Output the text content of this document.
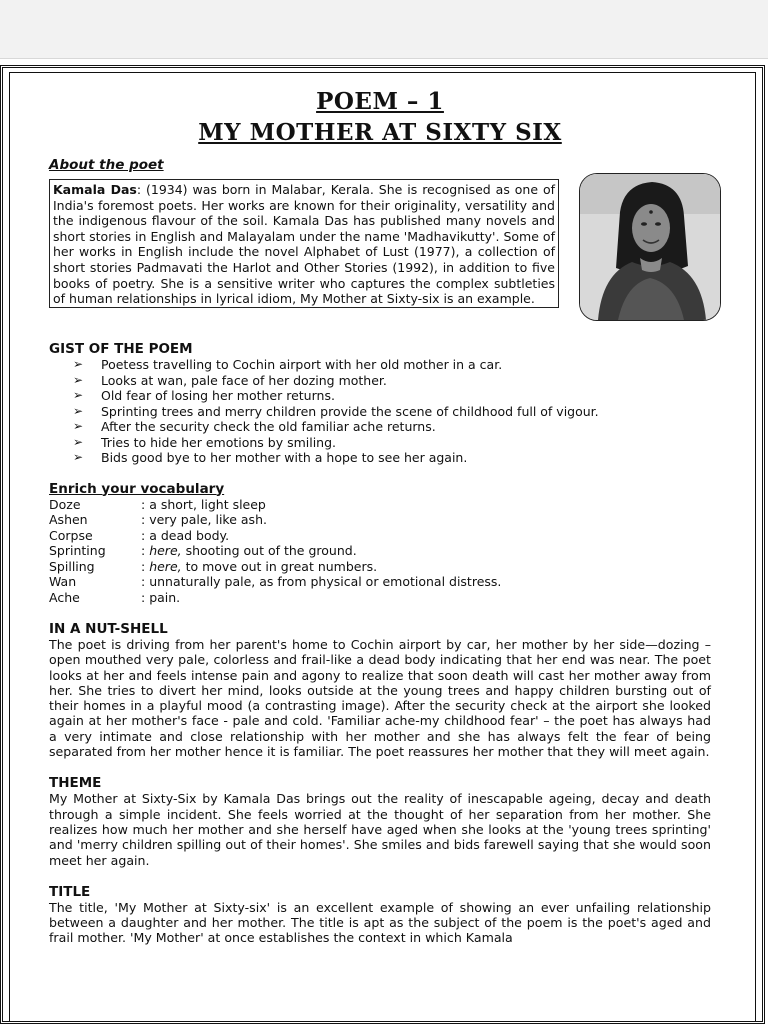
POEM – 1
MY MOTHER AT SIXTY SIX
About the poet
Kamala Das: (1934) was born in Malabar, Kerala. She is recognised as one of India's foremost poets. Her works are known for their originality, versatility and the indigenous flavour of the soil. Kamala Das has published many novels and short stories in English and Malayalam under the name 'Madhavikutty'. Some of her works in English include the novel Alphabet of Lust (1977), a collection of short stories Padmavati the Harlot and Other Stories (1992), in addition to five books of poetry. She is a sensitive writer who captures the complex subtleties of human relationships in lyrical idiom, My Mother at Sixty-six is an example.
GIST OF THE POEM
➢ Poetess travelling to Cochin airport with her old mother in a car.
➢ Looks at wan, pale face of her dozing mother.
➢ Old fear of losing her mother returns.
➢ Sprinting trees and merry children provide the scene of childhood full of vigour.
➢ After the security check the old familiar ache returns.
➢ Tries to hide her emotions by smiling.
➢ Bids good bye to her mother with a hope to see her again.
Enrich your vocabulary
Doze	: a short, light sleep
Ashen	: very pale, like ash.
Corpse	: a dead body.
Sprinting	: here, shooting out of the ground.
Spilling	: here, to move out in great numbers.
Wan	: unnaturally pale, as from physical or emotional distress.
Ache	: pain.
IN A NUT-SHELL

The poet is driving from her parent's home to Cochin airport by car, her mother by her side—dozing –open mouthed very pale, colorless and frail-like a dead body indicating that her end was near. The poet looks at her and feels intense pain and agony to realize that soon death will cast her mother away from her. She tries to divert her mind, looks outside at the young trees and happy children bursting out of their homes in a playful mood (a contrasting image). After the security check at the airport she looked again at her mother's face - pale and cold. 'Familiar ache-my childhood fear' – the poet has always had a very intimate and close relationship with her mother and she has always felt the fear of being separated from her mother hence it is familiar. The poet reassures her mother that they will meet again.

THEME

My Mother at Sixty-Six by Kamala Das brings out the reality of inescapable ageing, decay and death through a simple incident. She feels worried at the thought of her separation from her mother. She realizes how much her mother and she herself have aged when she looks at the 'young trees sprinting' and 'merry children spilling out of their homes'. She smiles and bids farewell saying that she would soon meet her again.

TITLE

The title, 'My Mother at Sixty-six' is an excellent example of showing an ever unfailing relationship between a daughter and her mother. The title is apt as the subject of the poem is the poet's aged and frail mother. 'My Mother' at once establishes the context in which Kamala
